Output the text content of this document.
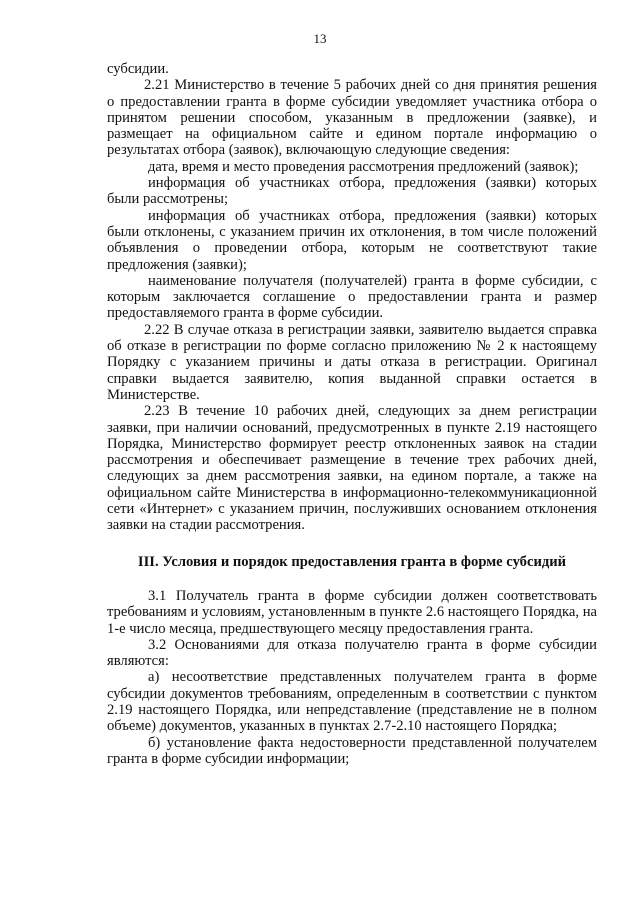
13

субсидии.

2.21 Министерство в течение 5 рабочих дней со дня принятия решения о предоставлении гранта в форме субсидии уведомляет участника отбора о принятом решении способом, указанным в предложении (заявке), и размещает на официальном сайте и едином портале информацию о результатах отбора (заявок), включающую следующие сведения:

дата, время и место проведения рассмотрения предложений (заявок);

информация об участниках отбора, предложения (заявки) которых были рассмотрены;

информация об участниках отбора, предложения (заявки) которых были отклонены, с указанием причин их отклонения, в том числе положений объявления о проведении отбора, которым не соответствуют такие предложения (заявки);

наименование получателя (получателей) гранта в форме субсидии, с которым заключается соглашение о предоставлении гранта и размер предоставляемого гранта в форме субсидии.

2.22 В случае отказа в регистрации заявки, заявителю выдается справка об отказе в регистрации по форме согласно приложению № 2 к настоящему Порядку с указанием причины и даты отказа в регистрации. Оригинал справки выдается заявителю, копия выданной справки остается в Министерстве.

2.23 В течение 10 рабочих дней, следующих за днем регистрации заявки, при наличии оснований, предусмотренных в пункте 2.19 настоящего Порядка, Министерство формирует реестр отклоненных заявок на стадии рассмотрения и обеспечивает размещение в течение трех рабочих дней, следующих за днем рассмотрения заявки, на едином портале, а также на официальном сайте Министерства в информационно-телекоммуникационной сети «Интернет» с указанием причин, послуживших основанием отклонения заявки на стадии рассмотрения.

III. Условия и порядок предоставления гранта в форме субсидий

3.1 Получатель гранта в форме субсидии должен соответствовать требованиям и условиям, установленным в пункте 2.6 настоящего Порядка, на 1-е число месяца, предшествующего месяцу предоставления гранта.

3.2 Основаниями для отказа получателю гранта в форме субсидии являются:

а) несоответствие представленных получателем гранта в форме субсидии документов требованиям, определенным в соответствии с пунктом 2.19 настоящего Порядка, или непредставление (представление не в полном объеме) документов, указанных в пунктах 2.7-2.10 настоящего Порядка;

б) установление факта недостоверности представленной получателем гранта в форме субсидии информации;
